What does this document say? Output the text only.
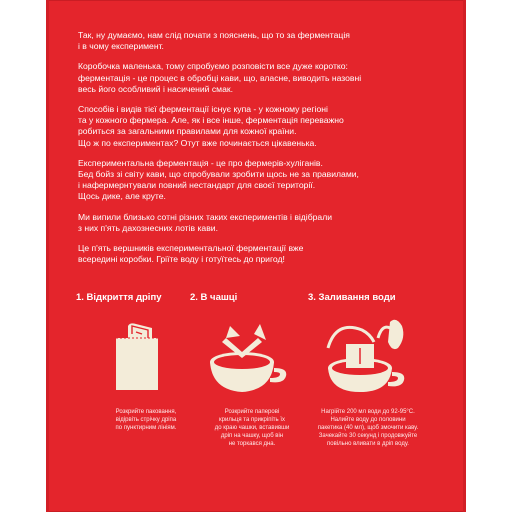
Так, ну думаємо, нам слід почати з пояснень, що то за ферментація
і в чому експеримент.

Коробочка маленька, тому спробуємо розповісти все дуже коротко:
ферментація - це процес в обробці кави, що, власне, виводить назовні
весь його особливий і насичений смак.

Способів і видів тієї ферментації існує купа - у кожному регіоні
та у кожного фермера. Але, як і все інше, ферментація переважно
робиться за загальними правилами для кожної країни.
Що ж по експериментах? Отут вже починається цікавенька.

Експериментальна ферментація - це про фермерів-хуліганів.
Бед бойз зі світу кави, що спробували зробити щось не за правилами,
і нафермернтували повний нестандарт для своєї території.
Щось дике, але круте.

Ми випили близько сотні різних таких експериментів і відібрали
з них п'ять дахознесних лотів кави.

Це п'ять вершників експериментальної ферментації вже
всередині коробки. Гріїте воду і готуїтесь до пригод!

1. Відкриття дріпу
Розкрийте паковання,
відірвіть стрічку дріпа
по пунктирним лініям.
2. В чашці
Розкрийте паперові
крильця та прикріпіть їх
до краю чашки, вставивши
дріп на чашку, щоб він
не торкався дна.
3. Заливання води
Нагрійте 200 мл води до 92-95°C.
Налийте воду до половини
пакетика (40 мл), щоб змочити каву.
Зачекайте 30 секунд і продовжуйте
повільно вливати в дріп воду.
